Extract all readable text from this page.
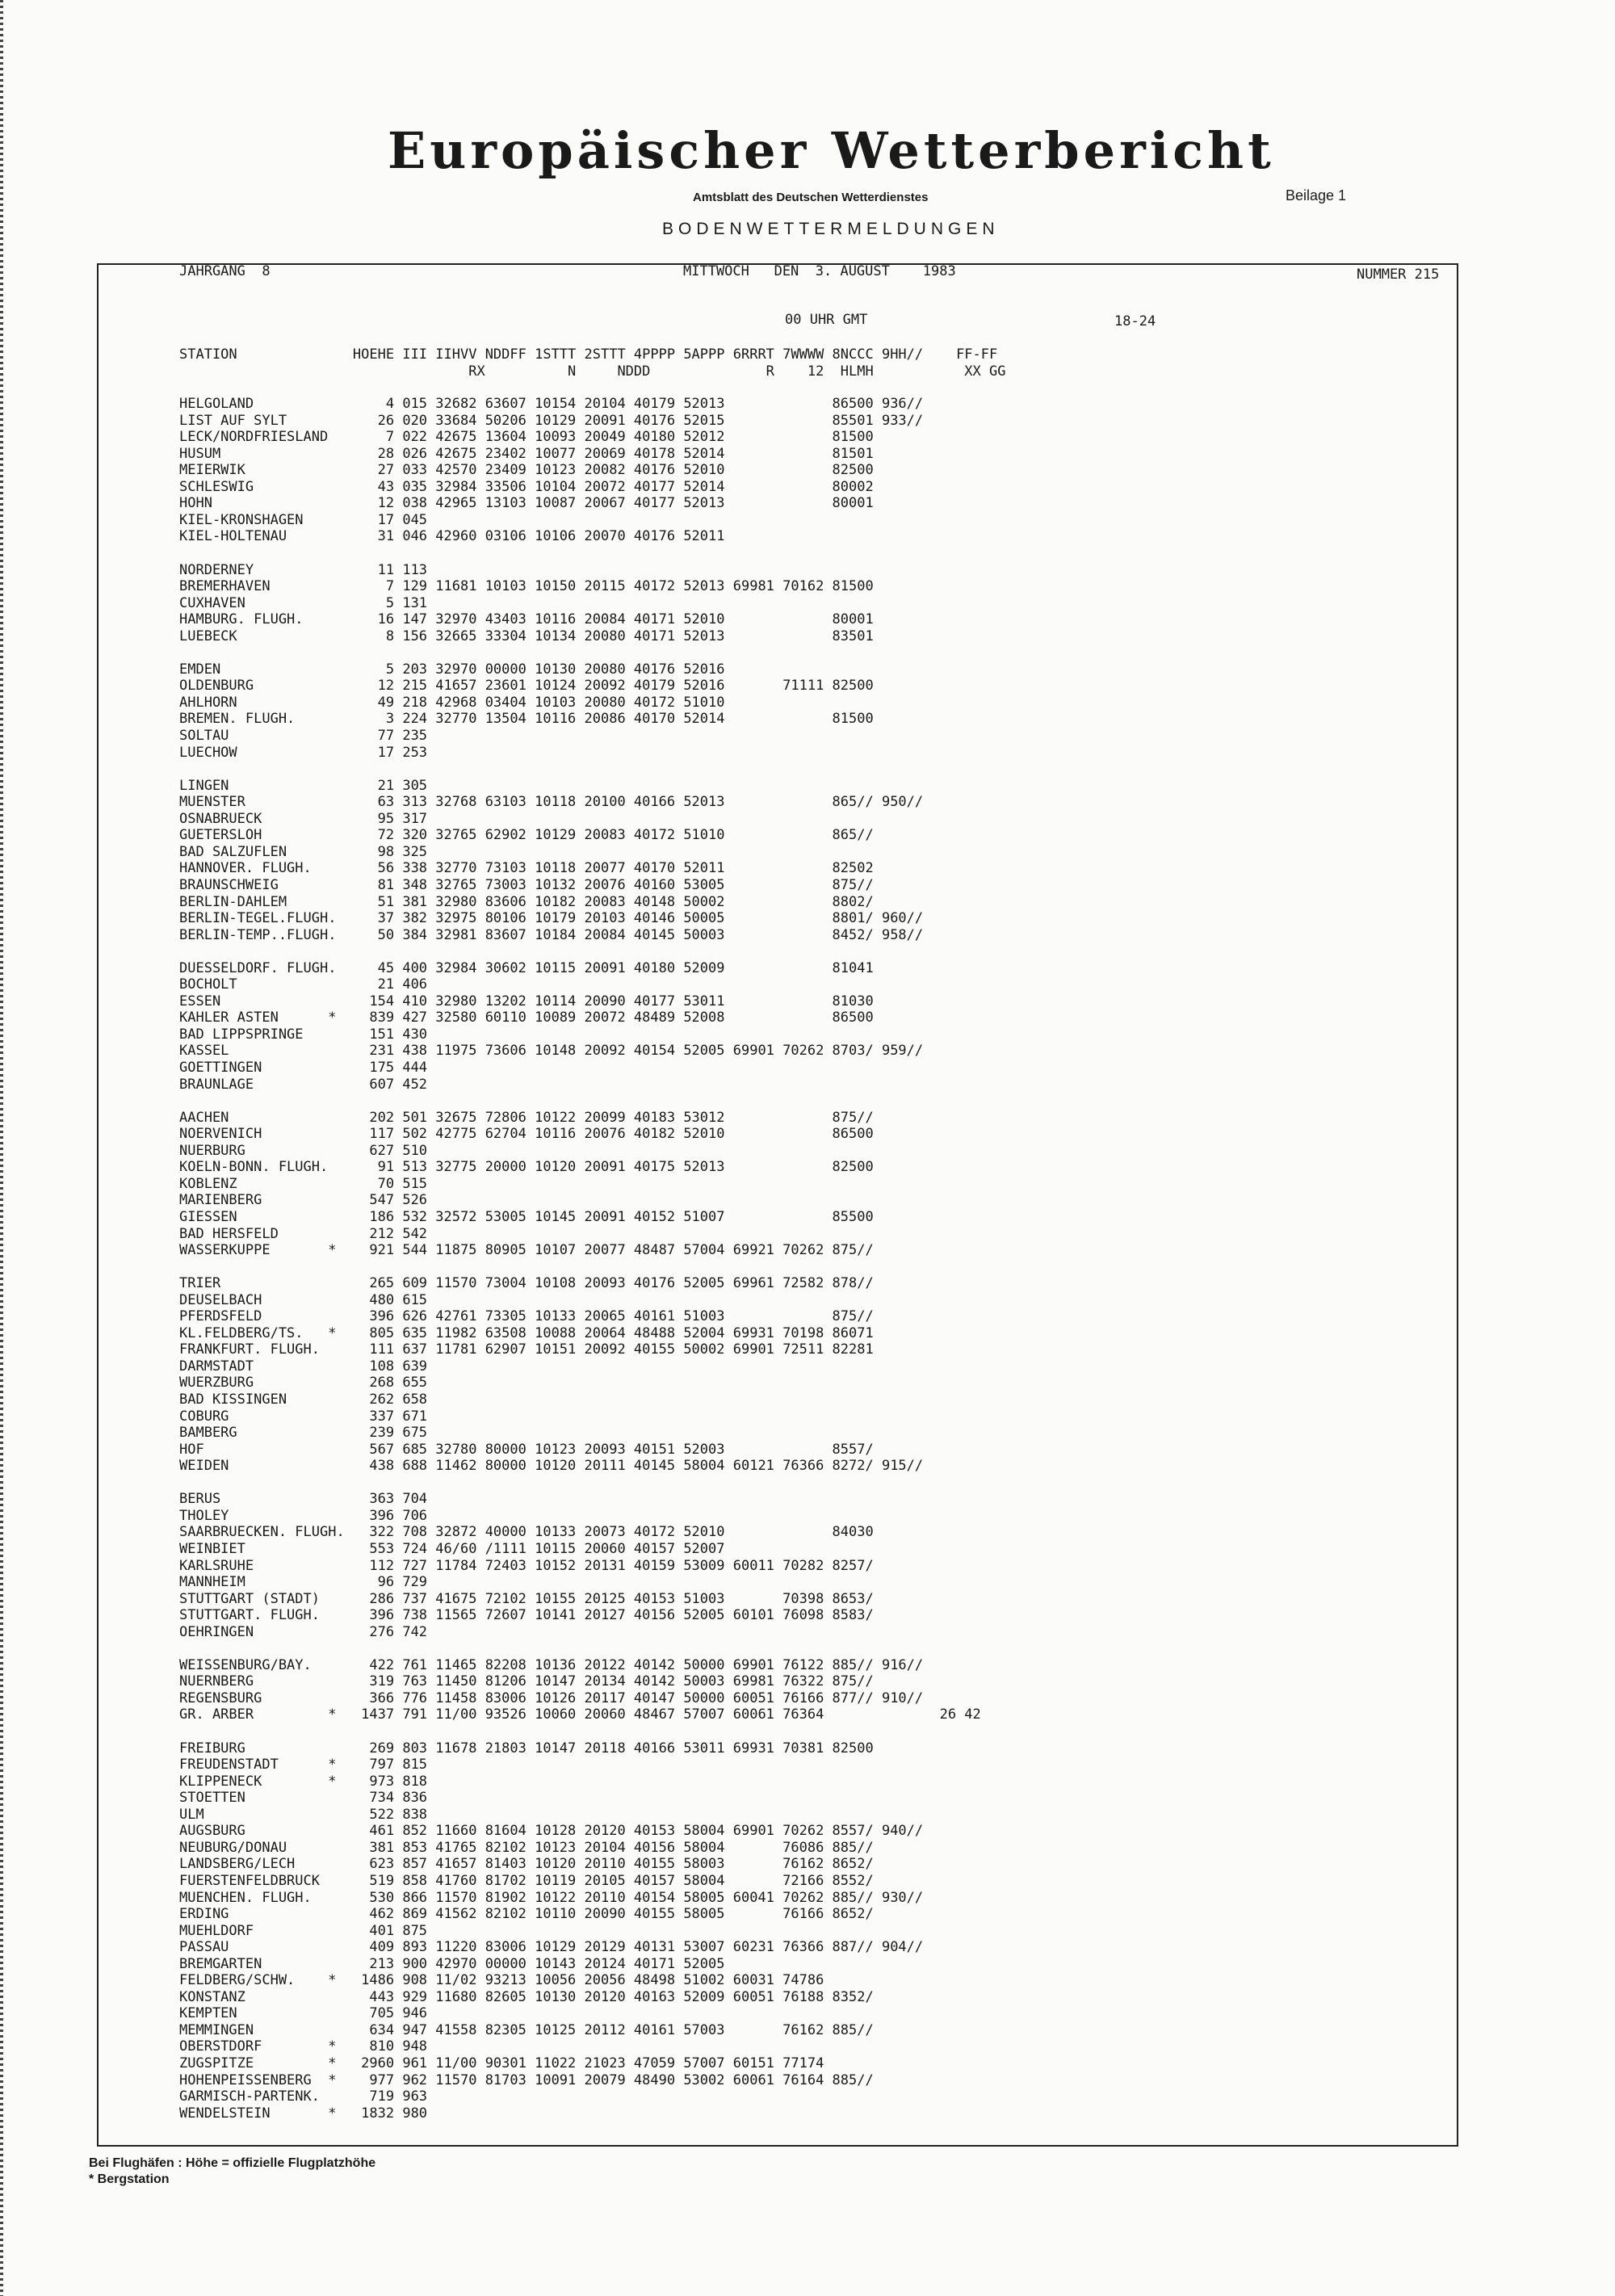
Europäischer Wetterbericht
Amtsblatt des Deutschen Wetterdienstes	Beilage 1
BODENWETTERMELDUNGEN
JAHRGANG  8	MITTWOCH   DEN  3. AUGUST    1983	NUMMER 215
00 UHR GMT	18-24
STATION              HOEHE III IIHVV NDDFF 1STTT 2STTT 4PPPP 5APPP 6RRRT 7WWWW 8NCCC 9HH//    FF-FF
RX          N     NDDD              R    12  HLMH           XX GG
HELGOLAND                4 015 32682 63607 10154 20104 40179 52013             86500 936//
LIST AUF SYLT           26 020 33684 50206 10129 20091 40176 52015             85501 933//
LECK/NORDFRIESLAND       7 022 42675 13604 10093 20049 40180 52012             81500
HUSUM                   28 026 42675 23402 10077 20069 40178 52014             81501
MEIERWIK                27 033 42570 23409 10123 20082 40176 52010             82500
SCHLESWIG               43 035 32984 33506 10104 20072 40177 52014             80002
HOHN                    12 038 42965 13103 10087 20067 40177 52013             80001
KIEL-KRONSHAGEN         17 045
KIEL-HOLTENAU           31 046 42960 03106 10106 20070 40176 52011
NORDERNEY               11 113
BREMERHAVEN              7 129 11681 10103 10150 20115 40172 52013 69981 70162 81500
CUXHAVEN                 5 131
HAMBURG. FLUGH.         16 147 32970 43403 10116 20084 40171 52010             80001
LUEBECK                  8 156 32665 33304 10134 20080 40171 52013             83501
EMDEN                    5 203 32970 00000 10130 20080 40176 52016
OLDENBURG               12 215 41657 23601 10124 20092 40179 52016       71111 82500
AHLHORN                 49 218 42968 03404 10103 20080 40172 51010
BREMEN. FLUGH.           3 224 32770 13504 10116 20086 40170 52014             81500
SOLTAU                  77 235
LUECHOW                 17 253
LINGEN                  21 305
MUENSTER                63 313 32768 63103 10118 20100 40166 52013             865// 950//
OSNABRUECK              95 317
GUETERSLOH              72 320 32765 62902 10129 20083 40172 51010             865//
BAD SALZUFLEN           98 325
HANNOVER. FLUGH.        56 338 32770 73103 10118 20077 40170 52011             82502
BRAUNSCHWEIG            81 348 32765 73003 10132 20076 40160 53005             875//
BERLIN-DAHLEM           51 381 32980 83606 10182 20083 40148 50002             8802/
BERLIN-TEGEL.FLUGH.     37 382 32975 80106 10179 20103 40146 50005             8801/ 960//
BERLIN-TEMP..FLUGH.     50 384 32981 83607 10184 20084 40145 50003             8452/ 958//
DUESSELDORF. FLUGH.     45 400 32984 30602 10115 20091 40180 52009             81041
BOCHOLT                 21 406
ESSEN                  154 410 32980 13202 10114 20090 40177 53011             81030
KAHLER ASTEN      *    839 427 32580 60110 10089 20072 48489 52008             86500
BAD LIPPSPRINGE        151 430
KASSEL                 231 438 11975 73606 10148 20092 40154 52005 69901 70262 8703/ 959//
GOETTINGEN             175 444
BRAUNLAGE              607 452
AACHEN                 202 501 32675 72806 10122 20099 40183 53012             875//
NOERVENICH             117 502 42775 62704 10116 20076 40182 52010             86500
NUERBURG               627 510
KOELN-BONN. FLUGH.      91 513 32775 20000 10120 20091 40175 52013             82500
KOBLENZ                 70 515
MARIENBERG             547 526
GIESSEN                186 532 32572 53005 10145 20091 40152 51007             85500
BAD HERSFELD           212 542
WASSERKUPPE       *    921 544 11875 80905 10107 20077 48487 57004 69921 70262 875//
TRIER                  265 609 11570 73004 10108 20093 40176 52005 69961 72582 878//
DEUSELBACH             480 615
PFERDSFELD             396 626 42761 73305 10133 20065 40161 51003             875//
KL.FELDBERG/TS.   *    805 635 11982 63508 10088 20064 48488 52004 69931 70198 86071
FRANKFURT. FLUGH.      111 637 11781 62907 10151 20092 40155 50002 69901 72511 82281
DARMSTADT              108 639
WUERZBURG              268 655
BAD KISSINGEN          262 658
COBURG                 337 671
BAMBERG                239 675
HOF                    567 685 32780 80000 10123 20093 40151 52003             8557/
WEIDEN                 438 688 11462 80000 10120 20111 40145 58004 60121 76366 8272/ 915//
BERUS                  363 704
THOLEY                 396 706
SAARBRUECKEN. FLUGH.   322 708 32872 40000 10133 20073 40172 52010             84030
WEINBIET               553 724 46/60 /1111 10115 20060 40157 52007
KARLSRUHE              112 727 11784 72403 10152 20131 40159 53009 60011 70282 8257/
MANNHEIM                96 729
STUTTGART (STADT)      286 737 41675 72102 10155 20125 40153 51003       70398 8653/
STUTTGART. FLUGH.      396 738 11565 72607 10141 20127 40156 52005 60101 76098 8583/
OEHRINGEN              276 742
WEISSENBURG/BAY.       422 761 11465 82208 10136 20122 40142 50000 69901 76122 885// 916//
NUERNBERG              319 763 11450 81206 10147 20134 40142 50003 69981 76322 875//
REGENSBURG             366 776 11458 83006 10126 20117 40147 50000 60051 76166 877// 910//
GR. ARBER         *   1437 791 11/00 93526 10060 20060 48467 57007 60061 76364              26 42
FREIBURG               269 803 11678 21803 10147 20118 40166 53011 69931 70381 82500
FREUDENSTADT      *    797 815
KLIPPENECK        *    973 818
STOETTEN               734 836
ULM                    522 838
AUGSBURG               461 852 11660 81604 10128 20120 40153 58004 69901 70262 8557/ 940//
NEUBURG/DONAU          381 853 41765 82102 10123 20104 40156 58004       76086 885//
LANDSBERG/LECH         623 857 41657 81403 10120 20110 40155 58003       76162 8652/
FUERSTENFELDBRUCK      519 858 41760 81702 10119 20105 40157 58004       72166 8552/
MUENCHEN. FLUGH.       530 866 11570 81902 10122 20110 40154 58005 60041 70262 885// 930//
ERDING                 462 869 41562 82102 10110 20090 40155 58005       76166 8652/
MUEHLDORF              401 875
PASSAU                 409 893 11220 83006 10129 20129 40131 53007 60231 76366 887// 904//
BREMGARTEN             213 900 42970 00000 10143 20124 40171 52005
FELDBERG/SCHW.    *   1486 908 11/02 93213 10056 20056 48498 51002 60031 74786
KONSTANZ               443 929 11680 82605 10130 20120 40163 52009 60051 76188 8352/
KEMPTEN                705 946
MEMMINGEN              634 947 41558 82305 10125 20112 40161 57003       76162 885//
OBERSTDORF        *    810 948
ZUGSPITZE         *   2960 961 11/00 90301 11022 21023 47059 57007 60151 77174
HOHENPEISSENBERG  *    977 962 11570 81703 10091 20079 48490 53002 60061 76164 885//
GARMISCH-PARTENK.      719 963
WENDELSTEIN       *   1832 980
Bei Flughäfen : Höhe = offizielle Flugplatzhöhe
* Bergstation
